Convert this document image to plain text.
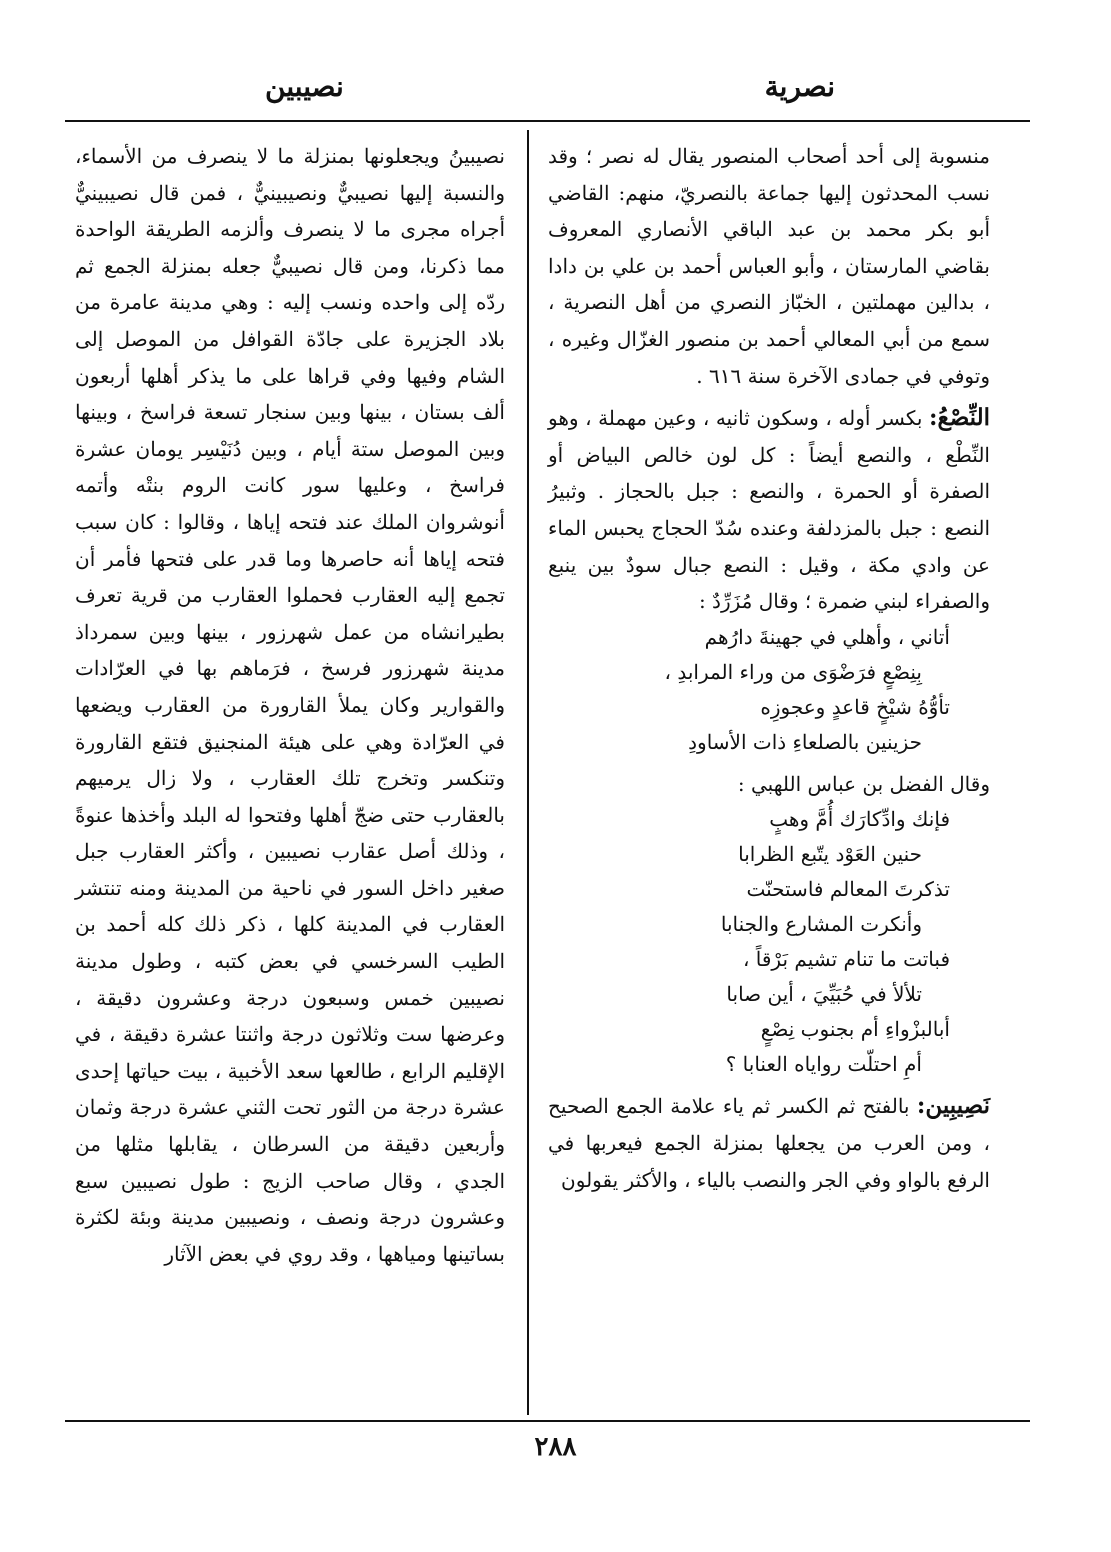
نصرية
نصيبين

منسوبة إلى أحد أصحاب المنصور يقال له نصر ؛ وقد نسب المحدثون إليها جماعة بالنصريّ، منهم: القاضي أبو بكر محمد بن عبد الباقي الأنصاري المعروف بقاضي المارستان ، وأبو العباس أحمد بن علي بن دادا ، بدالين مهملتين ، الخبّاز النصري من أهل النصرية ، سمع من أبي المعالي أحمد بن منصور الغزّال وغيره ، وتوفي في جمادى الآخرة سنة ٦١٦ .

النِّصْعُ: بكسر أوله ، وسكون ثانيه ، وعين مهملة ، وهو النِّطْع ، والنصع أيضاً : كل لون خالص البياض أو الصفرة أو الحمرة ، والنصع : جبل بالحجاز . وثبيرُ النصع : جبل بالمزدلفة وعنده سُدّ الحجاج يحبس الماء عن وادي مكة ، وقيل : النصع جبال سودٌ بين ينبع والصفراء لبني ضمرة ؛ وقال مُزَرِّدٌ :

أتاني ، وأهلي في جهينةَ دارُهم
بِنِصْعٍ فرَضْوَى من وراء المرابدِ ،
تأوُّهُ شيْخٍ قاعدٍ وعجوزِه
حزينين بالصلعاءِ ذات الأساودِ

وقال الفضل بن عباس اللهبي :

فإنك وادِّكارَك أُمَّ وهبٍ
حنين العَوْد يتّبع الظرابا
تذكرتَ المعالم فاستحنّت
وأنكرت المشارع والجنابا
فباتت ما تنام تشيم بَرْقاً ،
تلألأ في حُبَيِّيَ ، أين صابا
أبالبزْواءِ أم بجنوب نِصْعٍ
أمِ احتلّت رواياه العنابا ؟

نَصِيبِين: بالفتح ثم الكسر ثم ياء علامة الجمع الصحيح ، ومن العرب من يجعلها بمنزلة الجمع فيعربها في الرفع بالواو وفي الجر والنصب بالياء ، والأكثر يقولون

نصيبينُ ويجعلونها بمنزلة ما لا ينصرف من الأسماء، والنسبة إليها نصيبيٌّ ونصيبينيٌّ ، فمن قال نصيبينيٌّ أجراه مجرى ما لا ينصرف وألزمه الطريقة الواحدة مما ذكرنا، ومن قال نصيبيٌّ جعله بمنزلة الجمع ثم ردّه إلى واحده ونسب إليه : وهي مدينة عامرة من بلاد الجزيرة على جادّة القوافل من الموصل إلى الشام وفيها وفي قراها على ما يذكر أهلها أربعون ألف بستان ، بينها وبين سنجار تسعة فراسخ ، وبينها وبين الموصل ستة أيام ، وبين دُنَيْسِر يومان عشرة فراسخ ، وعليها سور كانت الروم بنتْه وأتمه أنوشروان الملك عند فتحه إياها ، وقالوا : كان سبب فتحه إياها أنه حاصرها وما قدر على فتحها فأمر أن تجمع إليه العقارب فحملوا العقارب من قرية تعرف بطيرانشاه من عمل شهرزور ، بينها وبين سمرداذ مدينة شهرزور فرسخ ، فرَماهم بها في العرّادات والقوارير وكان يملأ القارورة من العقارب ويضعها في العرّادة وهي على هيئة المنجنيق فتقع القارورة وتنكسر وتخرج تلك العقارب ، ولا زال يرميهم بالعقارب حتى ضجّ أهلها وفتحوا له البلد وأخذها عنوةً ، وذلك أصل عقارب نصيبين ، وأكثر العقارب جبل صغير داخل السور في ناحية من المدينة ومنه تنتشر العقارب في المدينة كلها ، ذكر ذلك كله أحمد بن الطيب السرخسي في بعض كتبه ، وطول مدينة نصيبين خمس وسبعون درجة وعشرون دقيقة ، وعرضها ست وثلاثون درجة واثنتا عشرة دقيقة ، في الإقليم الرابع ، طالعها سعد الأخبية ، بيت حياتها إحدى عشرة درجة من الثور تحت الثني عشرة درجة وثمان وأربعين دقيقة من السرطان ، يقابلها مثلها من الجدي ، وقال صاحب الزيج : طول نصيبين سبع وعشرون درجة ونصف ، ونصيبين مدينة وبئة لكثرة بساتينها ومياهها ، وقد روي في بعض الآثار

٢٨٨
